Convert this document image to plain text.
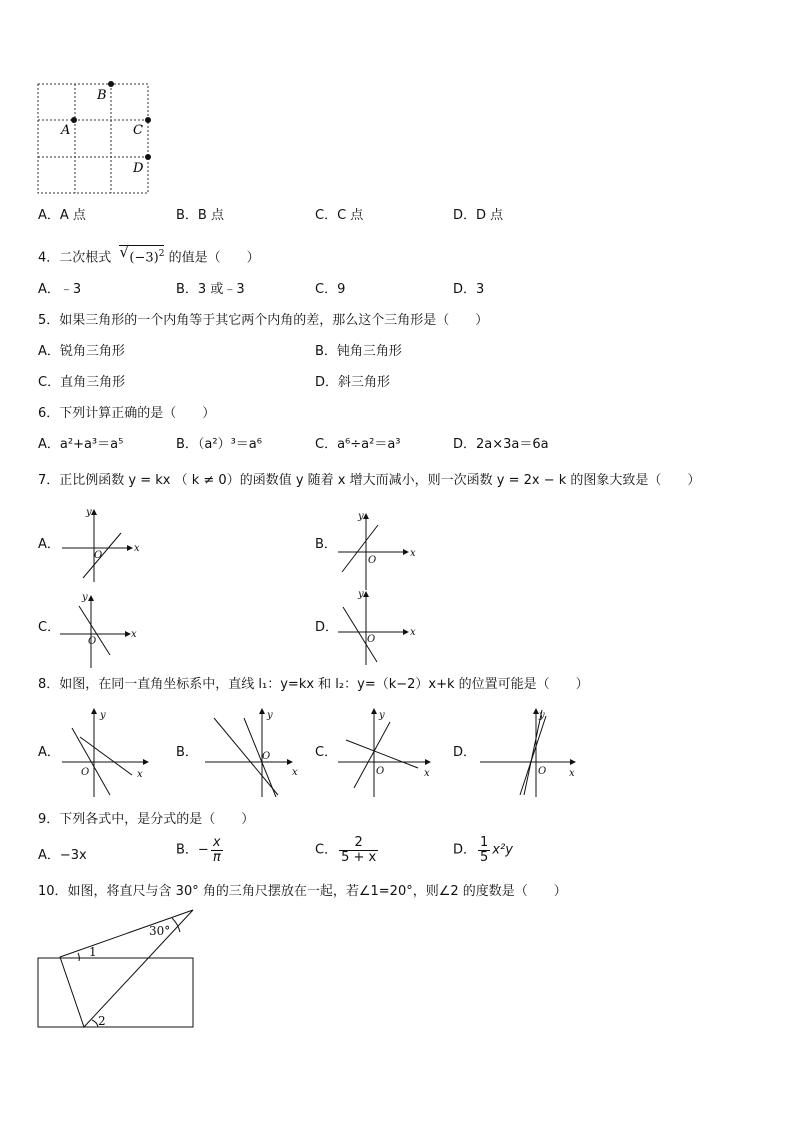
B
A	C
D
A．A 点	B．B 点	C．C 点	D．D 点
4．二次根式 √ $(-3)^2$ 的值是（　　）
A．﹣3	B．3 或﹣3	C．9	D．3
5．如果三角形的一个内角等于其它两个内角的差，那么这个三角形是（　　）
A．锐角三角形	B．钝角三角形
C．直角三角形	D．斜三角形
6．下列计算正确的是（　　）
A．a²+a³＝a⁵	B．（a²）³＝a⁶	C．a⁶÷a²＝a³	D．2a×3a＝6a
7．正比例函数 y = kx （ k ≠ 0）的函数值 y 随着 x 增大而减小，则一次函数 y = 2x − k 的图象大致是（　　）
A．	B．
C．	D．
y
x
O
y
x
O
y
x
O
y
x
O
8．如图，在同一直角坐标系中，直线 l₁：y=kx 和 l₂：y=（k−2）x+k 的位置可能是（　　）
A．	B．	C．	D．
y
x
O
y
x
O
y
x
O
y
x
O
9．下列各式中，是分式的是（　　）
A．−3x	B．− $\frac{x}{\pi}$	C． $\frac{2}{5 + x}$	D． $\frac{1}{5} x^2y$
10．如图，将直尺与含 30° 角的三角尺摆放在一起，若∠1=20°，则∠2 的度数是（　　）
30°
1
2
